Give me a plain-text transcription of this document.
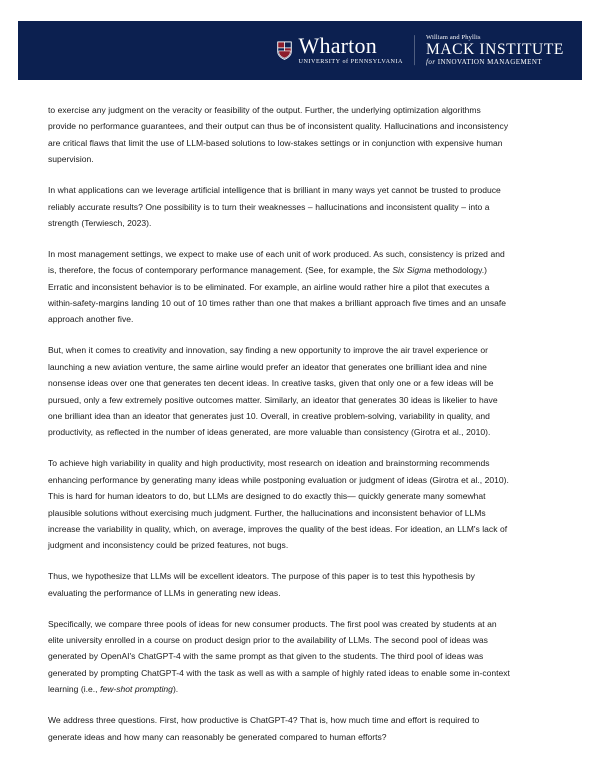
Wharton
UNIVERSITY of PENNSYLVANIA
William and Phyllis
MACK INSTITUTE
for INNOVATION MANAGEMENT

to exercise any judgment on the veracity or feasibility of the output. Further, the underlying optimization algorithms provide no performance guarantees, and their output can thus be of inconsistent quality. Hallucinations and inconsistency are critical flaws that limit the use of LLM-based solutions to low-stakes settings or in conjunction with expensive human supervision.

In what applications can we leverage artificial intelligence that is brilliant in many ways yet cannot be trusted to produce reliably accurate results? One possibility is to turn their weaknesses – hallucinations and inconsistent quality – into a strength (Terwiesch, 2023).

In most management settings, we expect to make use of each unit of work produced. As such, consistency is prized and is, therefore, the focus of contemporary performance management. (See, for example, the Six Sigma methodology.) Erratic and inconsistent behavior is to be eliminated. For example, an airline would rather hire a pilot that executes a within-safety-margins landing 10 out of 10 times rather than one that makes a brilliant approach five times and an unsafe approach another five.

But, when it comes to creativity and innovation, say finding a new opportunity to improve the air travel experience or launching a new aviation venture, the same airline would prefer an ideator that generates one brilliant idea and nine nonsense ideas over one that generates ten decent ideas. In creative tasks, given that only one or a few ideas will be pursued, only a few extremely positive outcomes matter. Similarly, an ideator that generates 30 ideas is likelier to have one brilliant idea than an ideator that generates just 10. Overall, in creative problem-solving, variability in quality, and productivity, as reflected in the number of ideas generated, are more valuable than consistency (Girotra et al., 2010).

To achieve high variability in quality and high productivity, most research on ideation and brainstorming recommends enhancing performance by generating many ideas while postponing evaluation or judgment of ideas (Girotra et al., 2010). This is hard for human ideators to do, but LLMs are designed to do exactly this— quickly generate many somewhat plausible solutions without exercising much judgment. Further, the hallucinations and inconsistent behavior of LLMs increase the variability in quality, which, on average, improves the quality of the best ideas. For ideation, an LLM's lack of judgment and inconsistency could be prized features, not bugs.

Thus, we hypothesize that LLMs will be excellent ideators. The purpose of this paper is to test this hypothesis by evaluating the performance of LLMs in generating new ideas.

Specifically, we compare three pools of ideas for new consumer products. The first pool was created by students at an elite university enrolled in a course on product design prior to the availability of LLMs. The second pool of ideas was generated by OpenAI's ChatGPT-4 with the same prompt as that given to the students. The third pool of ideas was generated by prompting ChatGPT-4 with the task as well as with a sample of highly rated ideas to enable some in-context learning (i.e., few-shot prompting).

We address three questions. First, how productive is ChatGPT-4? That is, how much time and effort is required to generate ideas and how many can reasonably be generated compared to human efforts?
